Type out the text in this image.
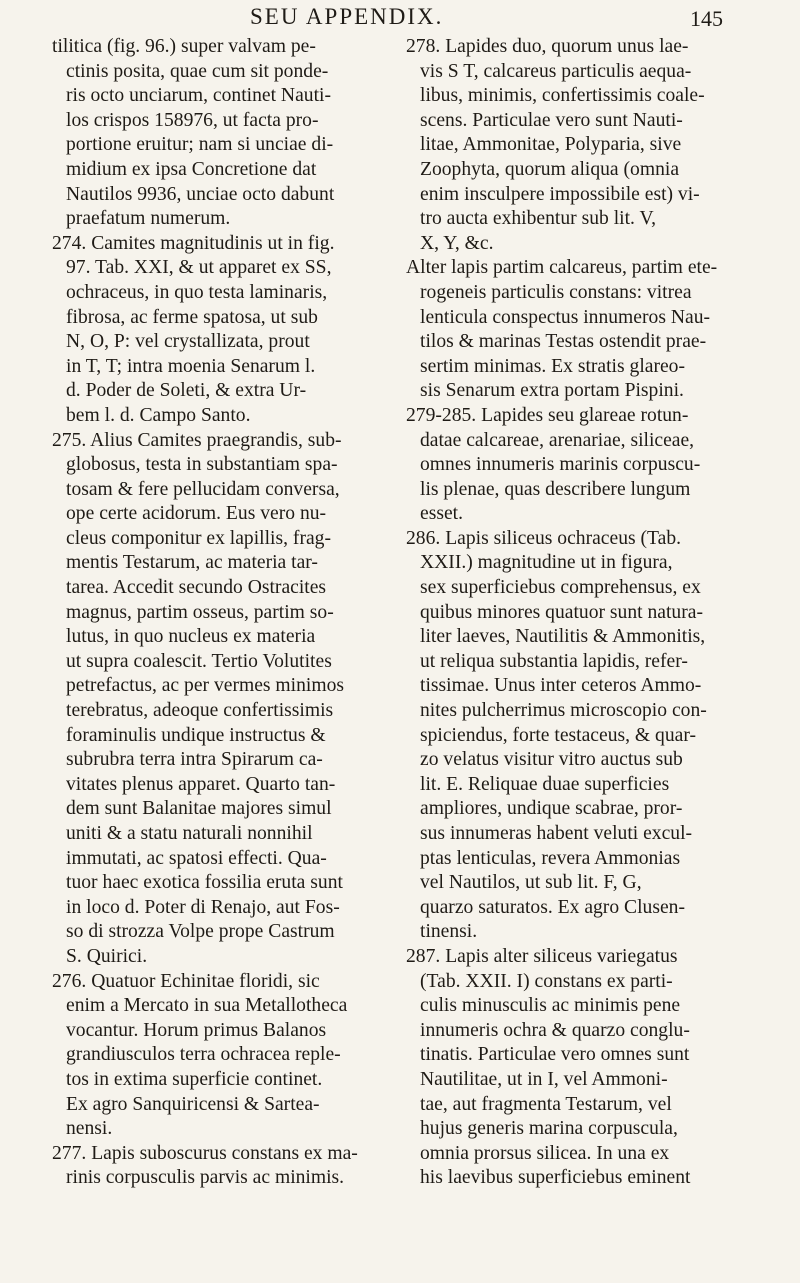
SEU APPENDIX.	145
tilitica (fig. 96.) super valvam pe-
ctinis posita, quae cum sit ponde-
ris octo unciarum, continet Nauti-
los crispos 158976, ut facta pro-
portione eruitur; nam si unciae di-
midium ex ipsa Concretione dat
Nautilos 9936, unciae octo dabunt
praefatum numerum.
274. Camites magnitudinis ut in fig.
97. Tab. XXI, & ut apparet ex SS,
ochraceus, in quo testa laminaris,
fibrosa, ac ferme spatosa, ut sub
N, O, P: vel crystallizata, prout
in T, T; intra moenia Senarum l.
d. Poder de Soleti, & extra Ur-
bem l. d. Campo Santo.
275. Alius Camites praegrandis, sub-
globosus, testa in substantiam spa-
tosam & fere pellucidam conversa,
ope certe acidorum. Eus vero nu-
cleus componitur ex lapillis, frag-
mentis Testarum, ac materia tar-
tarea. Accedit secundo Ostracites
magnus, partim osseus, partim so-
lutus, in quo nucleus ex materia
ut supra coalescit. Tertio Volutites
petrefactus, ac per vermes minimos
terebratus, adeoque confertissimis
foraminulis undique instructus &
subrubra terra intra Spirarum ca-
vitates plenus apparet. Quarto tan-
dem sunt Balanitae majores simul
uniti & a statu naturali nonnihil
immutati, ac spatosi effecti. Qua-
tuor haec exotica fossilia eruta sunt
in loco d. Poter di Renajo, aut Fos-
so di strozza Volpe prope Castrum
S. Quirici.
276. Quatuor Echinitae floridi, sic
enim a Mercato in sua Metallotheca
vocantur. Horum primus Balanos
grandiusculos terra ochracea reple-
tos in extima superficie continet.
Ex agro Sanquiricensi & Sartea-
nensi.
277. Lapis suboscurus constans ex ma-
rinis corpusculis parvis ac minimis.
278. Lapides duo, quorum unus lae-
vis S T, calcareus particulis aequa-
libus, minimis, confertissimis coale-
scens. Particulae vero sunt Nauti-
litae, Ammonitae, Polyparia, sive
Zoophyta, quorum aliqua (omnia
enim insculpere impossibile est) vi-
tro aucta exhibentur sub lit. V,
X, Y, &c.
Alter lapis partim calcareus, partim ete-
rogeneis particulis constans: vitrea
lenticula conspectus innumeros Nau-
tilos & marinas Testas ostendit prae-
sertim minimas. Ex stratis glareo-
sis Senarum extra portam Pispini.
279-285. Lapides seu glareae rotun-
datae calcareae, arenariae, siliceae,
omnes innumeris marinis corpuscu-
lis plenae, quas describere lungum
esset.
286. Lapis siliceus ochraceus (Tab.
XXII.) magnitudine ut in figura,
sex superficiebus comprehensus, ex
quibus minores quatuor sunt natura-
liter laeves, Nautilitis & Ammonitis,
ut reliqua substantia lapidis, refer-
tissimae. Unus inter ceteros Ammo-
nites pulcherrimus microscopio con-
spiciendus, forte testaceus, & quar-
zo velatus visitur vitro auctus sub
lit. E. Reliquae duae superficies
ampliores, undique scabrae, pror-
sus innumeras habent veluti excul-
ptas lenticulas, revera Ammonias
vel Nautilos, ut sub lit. F, G,
quarzo saturatos. Ex agro Clusen-
tinensi.
287. Lapis alter siliceus variegatus
(Tab. XXII. I) constans ex parti-
culis minusculis ac minimis pene
innumeris ochra & quarzo conglu-
tinatis. Particulae vero omnes sunt
Nautilitae, ut in I, vel Ammoni-
tae, aut fragmenta Testarum, vel
hujus generis marina corpuscula,
omnia prorsus silicea. In una ex
his laevibus superficiebus eminent
